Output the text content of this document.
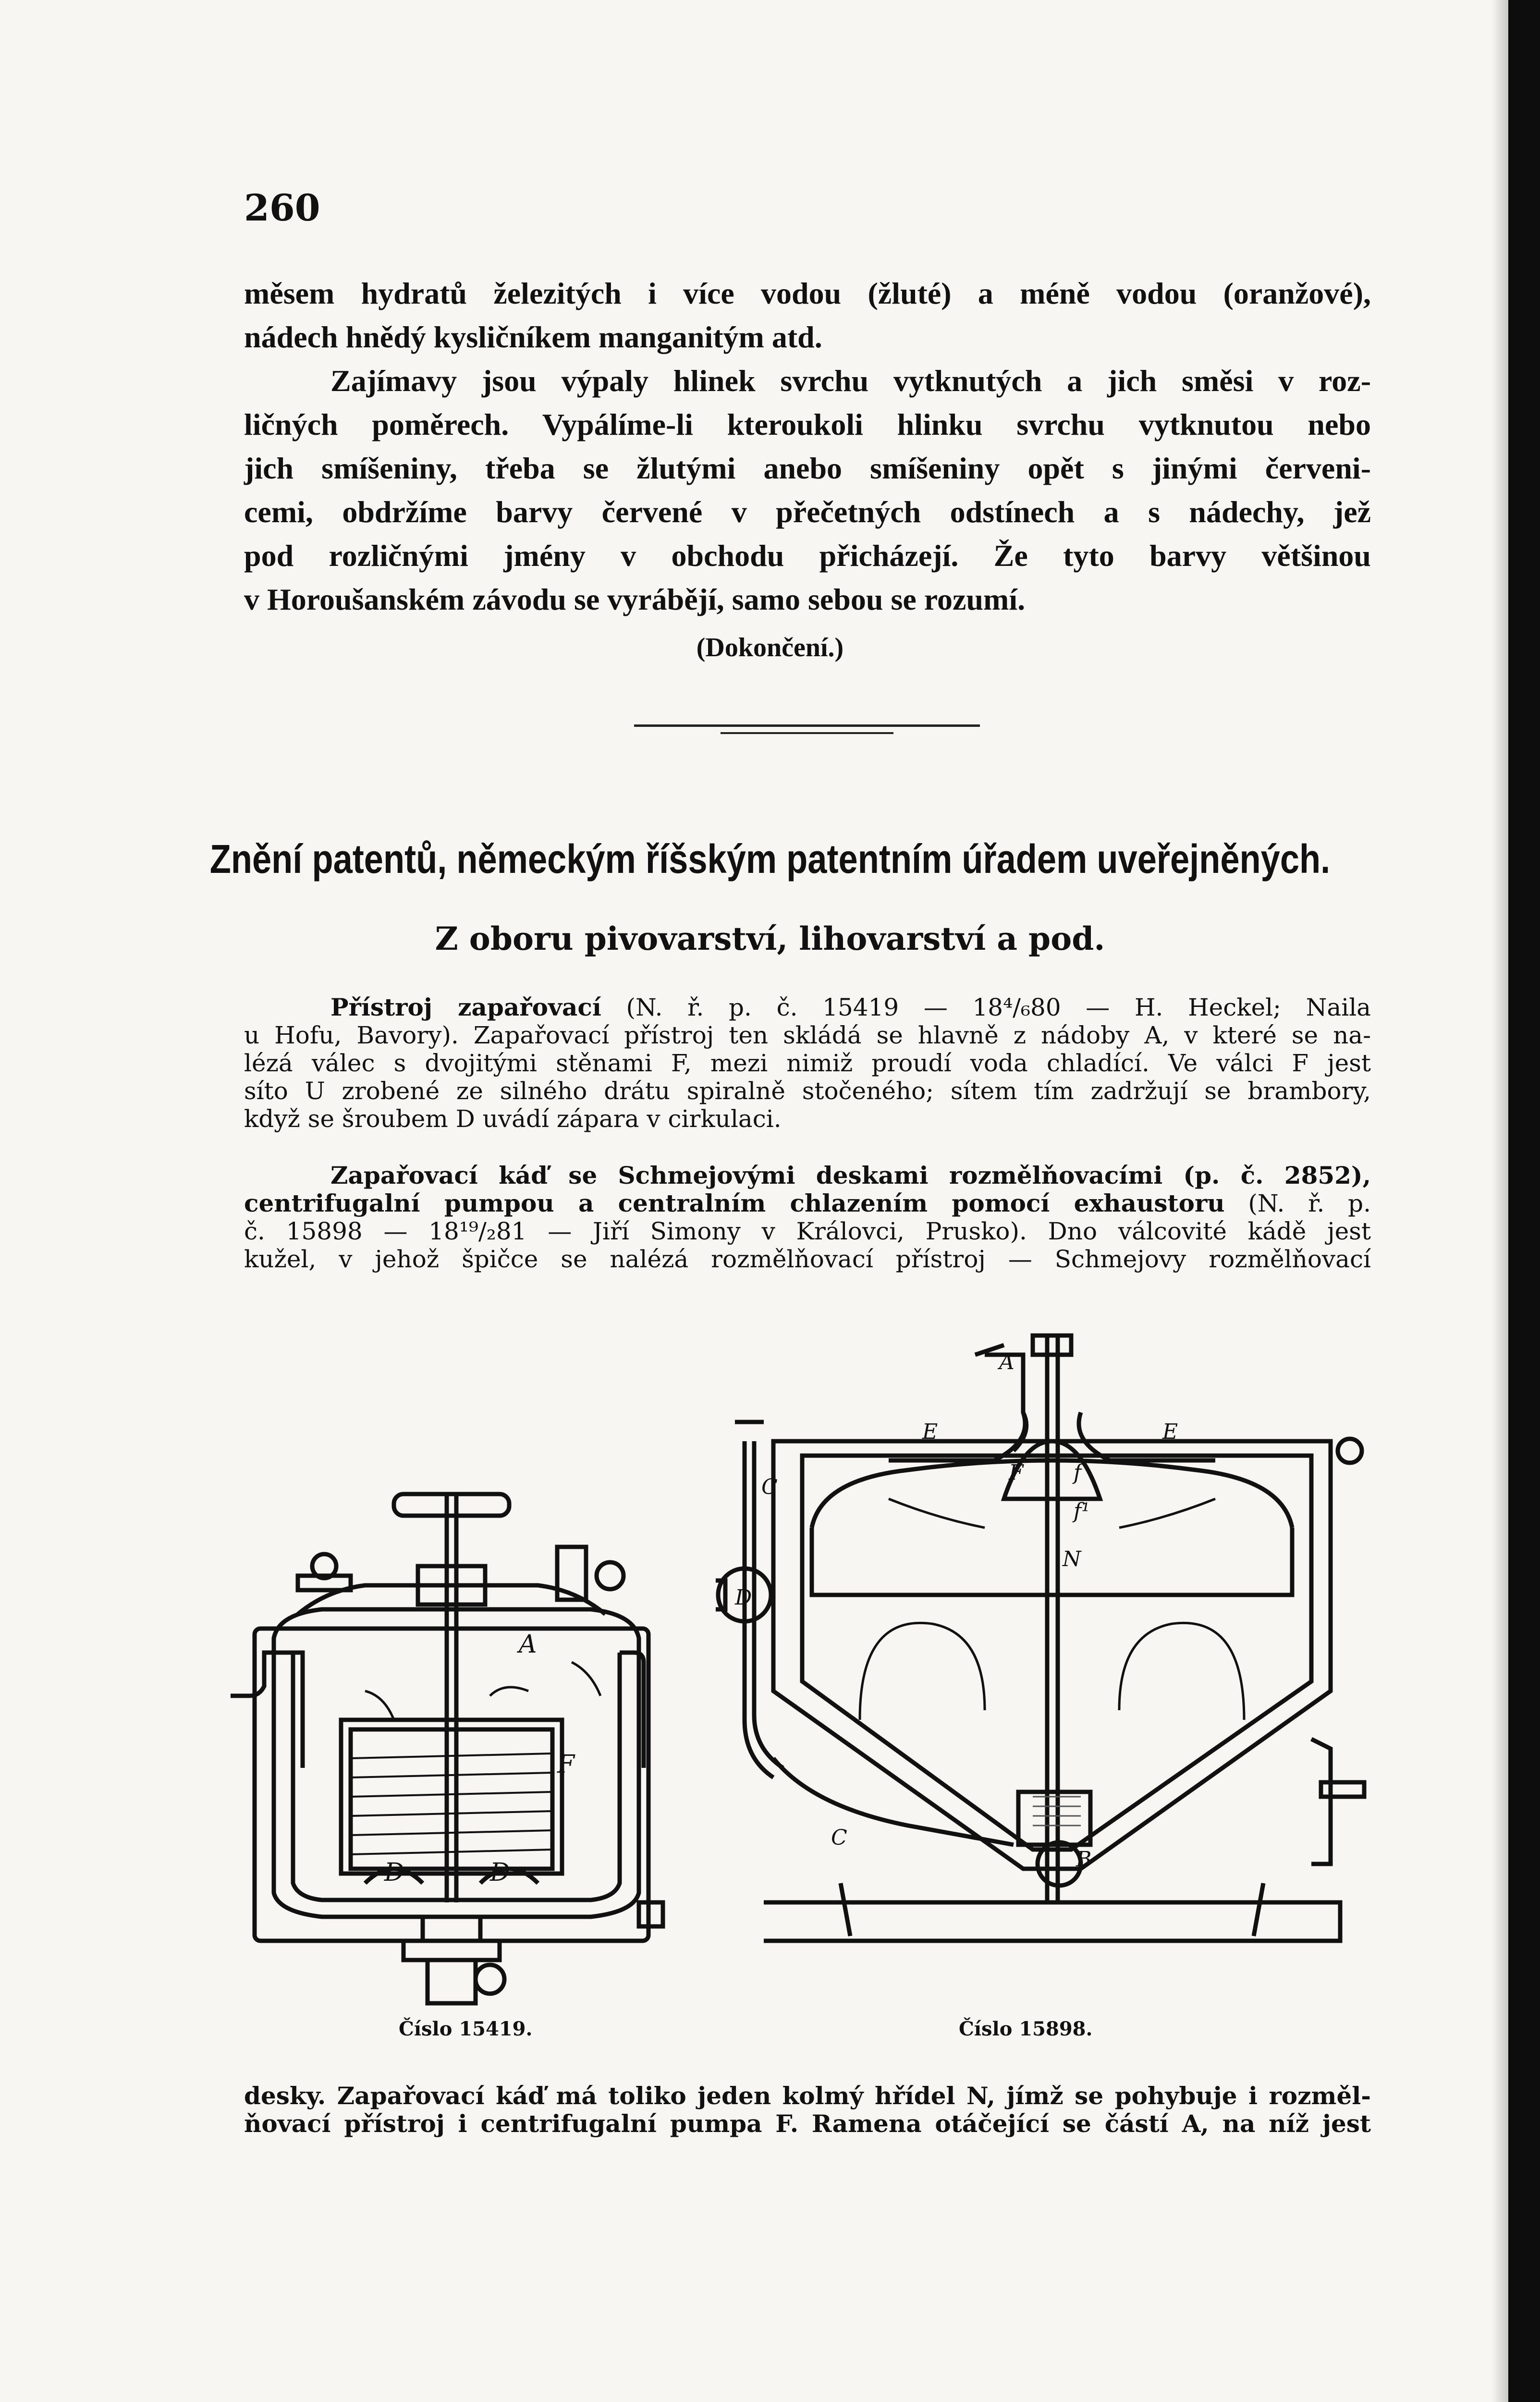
260
měsem hydratů železitých i více vodou (žluté) a méně vodou (oranžové),
nádech hnědý kysličníkem manganitým atd.
Zajímavy jsou výpaly hlinek svrchu vytknutých a jich směsi v roz-
ličných poměrech. Vypálíme-li kteroukoli hlinku svrchu vytknutou nebo
jich smíšeniny, třeba se žlutými anebo smíšeniny opět s jinými červeni-
cemi, obdržíme barvy červené v přečetných odstínech a s nádechy, jež
pod rozličnými jmény v obchodu přicházejí. Že tyto barvy většinou
v Horoušanském závodu se vyrábějí, samo sebou se rozumí.
(Dokončení.)
Znění patentů, německým říšským patentním úřadem uveřejněných.
Z oboru pivovarství, lihovarství a pod.
Přístroj zapařovací (N. ř. p. č. 15419 — 18⁴/₆80 — H. Heckel; Naila
u Hofu, Bavory). Zapařovací přístroj ten skládá se hlavně z nádoby A, v které se na-
lézá válec s dvojitými stěnami F, mezi nimiž proudí voda chladící. Ve válci F jest
síto U zrobené ze silného drátu spiralně stočeného; sítem tím zadržují se brambory,
když se šroubem D uvádí zápara v cirkulaci.
Zapařovací káď se Schmejovými deskami rozmělňovacími (p. č. 2852),
centrifugalní pumpou a centralním chlazením pomocí exhaustoru (N. ř. p.
č. 15898 — 18¹⁹/₂81 — Jiří Simony v Královci, Prusko). Dno válcovité kádě jest
kužel, v jehož špičce se nalézá rozmělňovací přístroj — Schmejovy rozmělňovací
A
F
D	D
Číslo 15419.
A
E	E
C
C
D
B
F f
f¹
N
Číslo 15898.
desky. Zapařovací káď má toliko jeden kolmý hřídel N, jímž se pohybuje i rozměl-
ňovací přístroj i centrifugalní pumpa F. Ramena otáčející se částí A, na níž jest
